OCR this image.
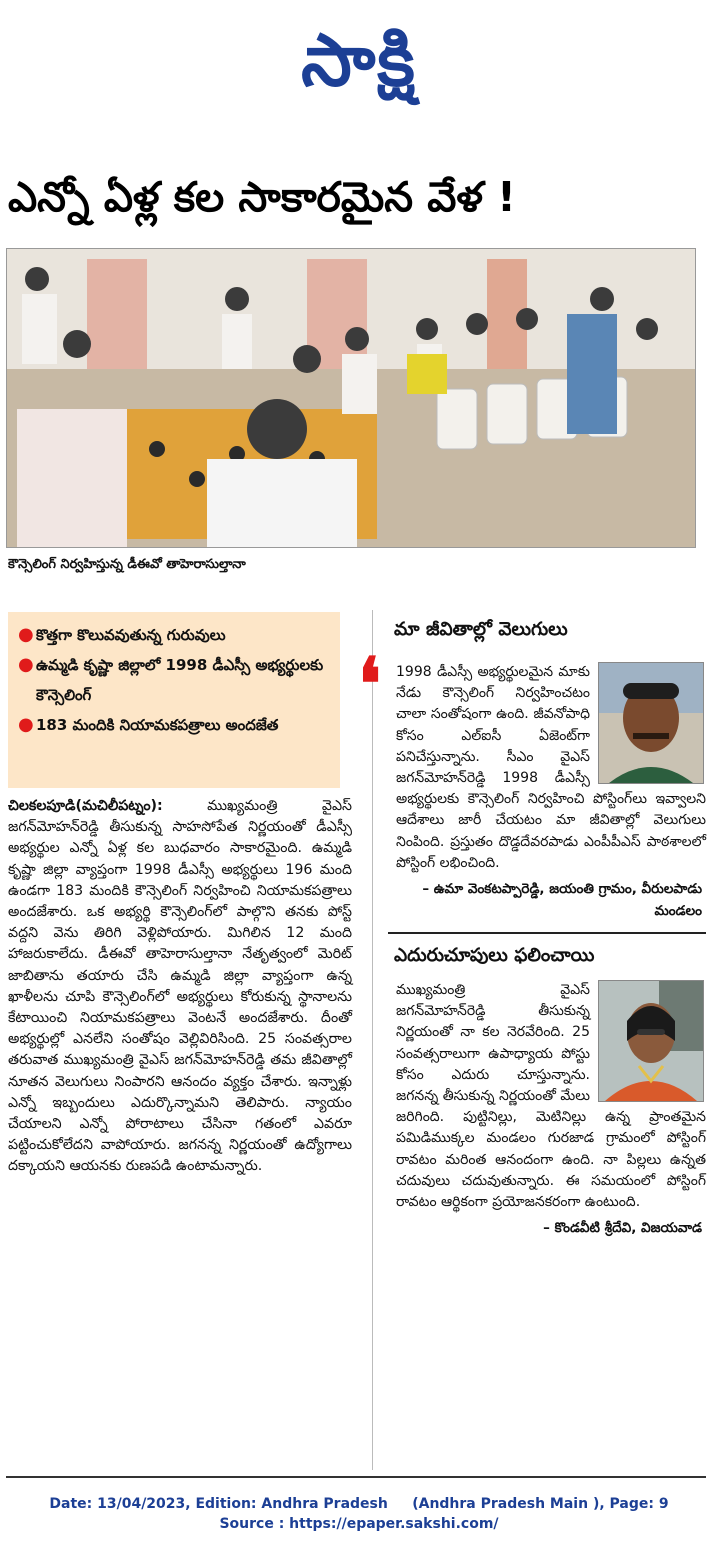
సాక్షి
ఎన్నో ఏళ్ల కల సాకారమైన వేళ !
కౌన్సెలింగ్ నిర్వహిస్తున్న డీఈవో తాహెరాసుల్తానా
● కొత్తగా కొలువవుతున్న గురువులు
● ఉమ్మడి కృష్ణా జిల్లాలో 1998 డీఎస్సీ అభ్యర్థులకు కౌన్సెలింగ్
● 183 మందికి నియామకపత్రాలు అందజేత

చిలకలపూడి(మచిలీపట్నం):	ముఖ్యమంత్రి వైఎస్ జగన్‌మోహన్‌రెడ్డి తీసుకున్న సాహసోపేత నిర్ణయంతో డీఎస్సీ అభ్యర్థుల ఎన్నో ఏళ్ల కల బుధవారం సాకారమైంది. ఉమ్మడి కృష్ణా జిల్లా వ్యాప్తంగా 1998 డీఎస్సీ అభ్యర్థులు 196 మంది ఉండగా 183 మందికి కౌన్సెలింగ్ నిర్వహించి నియామకపత్రాలు అందజేశారు. ఒక అభ్యర్థి కౌన్సెలింగ్‌లో పాల్గొని తనకు పోస్ట్ వద్దని వెను తిరిగి వెళ్లిపోయారు. మిగిలిన 12 మంది హాజరుకాలేదు. డీఈవో తాహెరాసుల్తానా నేతృత్వంలో మెరిట్ జాబితాను తయారు చేసి ఉమ్మడి జిల్లా వ్యాప్తంగా ఉన్న ఖాళీలను చూపి కౌన్సెలింగ్‌లో అభ్యర్థులు కోరుకున్న స్థానాలను కేటాయించి నియామకపత్రాలు వెంటనే అందజేశారు. దీంతో అభ్యర్థుల్లో ఎనలేని సంతోషం వెల్లివిరిసింది. 25 సంవత్సరాల తరువాత ముఖ్యమంత్రి వైఎస్ జగన్‌మోహన్‌రెడ్డి తమ జీవితాల్లో నూతన వెలుగులు నింపారని ఆనందం వ్యక్తం చేశారు. ఇన్నాళ్లు ఎన్నో ఇబ్బందులు ఎదుర్కొన్నామని తెలిపారు. న్యాయం చేయాలని ఎన్నో పోరాటాలు చేసినా గతంలో ఎవరూ పట్టించుకోలేదని వాపోయారు. జగనన్న నిర్ణయంతో ఉద్యోగాలు దక్కాయని ఆయనకు రుణపడి ఉంటామన్నారు.

మా జీవితాల్లో వెలుగులు
❛	1998 డీఎస్సీ అభ్యర్థులమైన మాకు నేడు కౌన్సెలింగ్ నిర్వహించటం చాలా సంతోషంగా ఉంది. జీవనోపాధి కోసం ఎల్ఐసీ ఏజెంట్‌గా పనిచేస్తున్నాను. సీఎం వైఎస్ జగన్‌మోహన్‌రెడ్డి 1998 డీఎస్సీ అభ్యర్థులకు కౌన్సెలింగ్ నిర్వహించి పోస్టింగ్‌లు ఇవ్వాలని ఆదేశాలు జారీ చేయటం మా జీవితాల్లో వెలుగులు నింపింది. ప్రస్తుతం దొడ్డదేవరపాడు ఎంపీపీఎస్ పాఠశాలలో పోస్టింగ్ లభించింది.

– ఉమా వెంకటప్పారెడ్డి, జయంతి గ్రామం, వీరులపాడు మండలం
ఎదురుచూపులు ఫలించాయి

ముఖ్యమంత్రి వైఎస్ జగన్‌మోహన్‌రెడ్డి తీసుకున్న నిర్ణయంతో నా కల నెరవేరింది. 25 సంవత్సరాలుగా ఉపాధ్యాయ పోస్టు కోసం ఎదురు చూస్తున్నాను. జగనన్న తీసుకున్న నిర్ణయంతో మేలు జరిగింది. పుట్టినిల్లు, మెటినిల్లు ఉన్న ప్రాంతమైన పమిడిముక్కల మండలం గురజాడ గ్రామంలో పోస్టింగ్ రావటం మరింత ఆనందంగా ఉంది. నా పిల్లలు ఉన్నత చదువులు చదువుతున్నారు. ఈ సమయంలో పోస్టింగ్ రావటం ఆర్థికంగా ప్రయోజనకరంగా ఉంటుంది.

– కొండవీటి శ్రీదేవి, విజయవాడ
Date: 13/04/2023, Edition: Andhra Pradesh     (Andhra Pradesh Main ), Page: 9
Source : https://epaper.sakshi.com/
